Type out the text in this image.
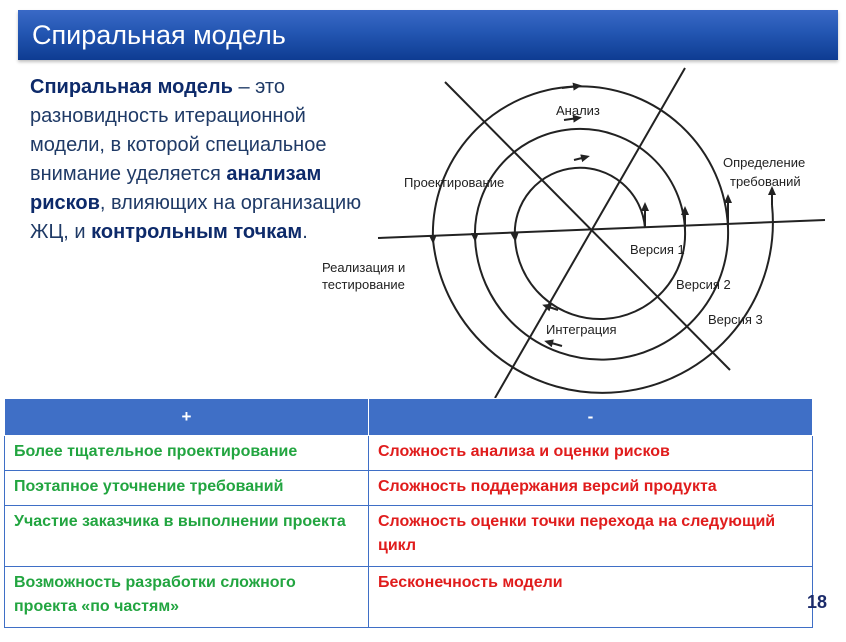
Спиральная модель
Спиральная модель – это разновидность итерационной модели, в которой специальное внимание уделяется анализам рисков, влияющих на организацию ЖЦ, и контрольным точкам.
Анализ
Проектирование
Определение
требований
Реализация и
тестирование
Версия 1
Версия 2
Интеграция
Версия 3
+	-
Более тщательное проектирование	Сложность анализа и оценки рисков
Поэтапное уточнение требований	Сложность поддержания версий продукта
Участие заказчика в выполнении проекта	Сложность оценки точки перехода на следующий цикл
Возможность разработки сложного проекта «по частям»	Бесконечность модели
18
